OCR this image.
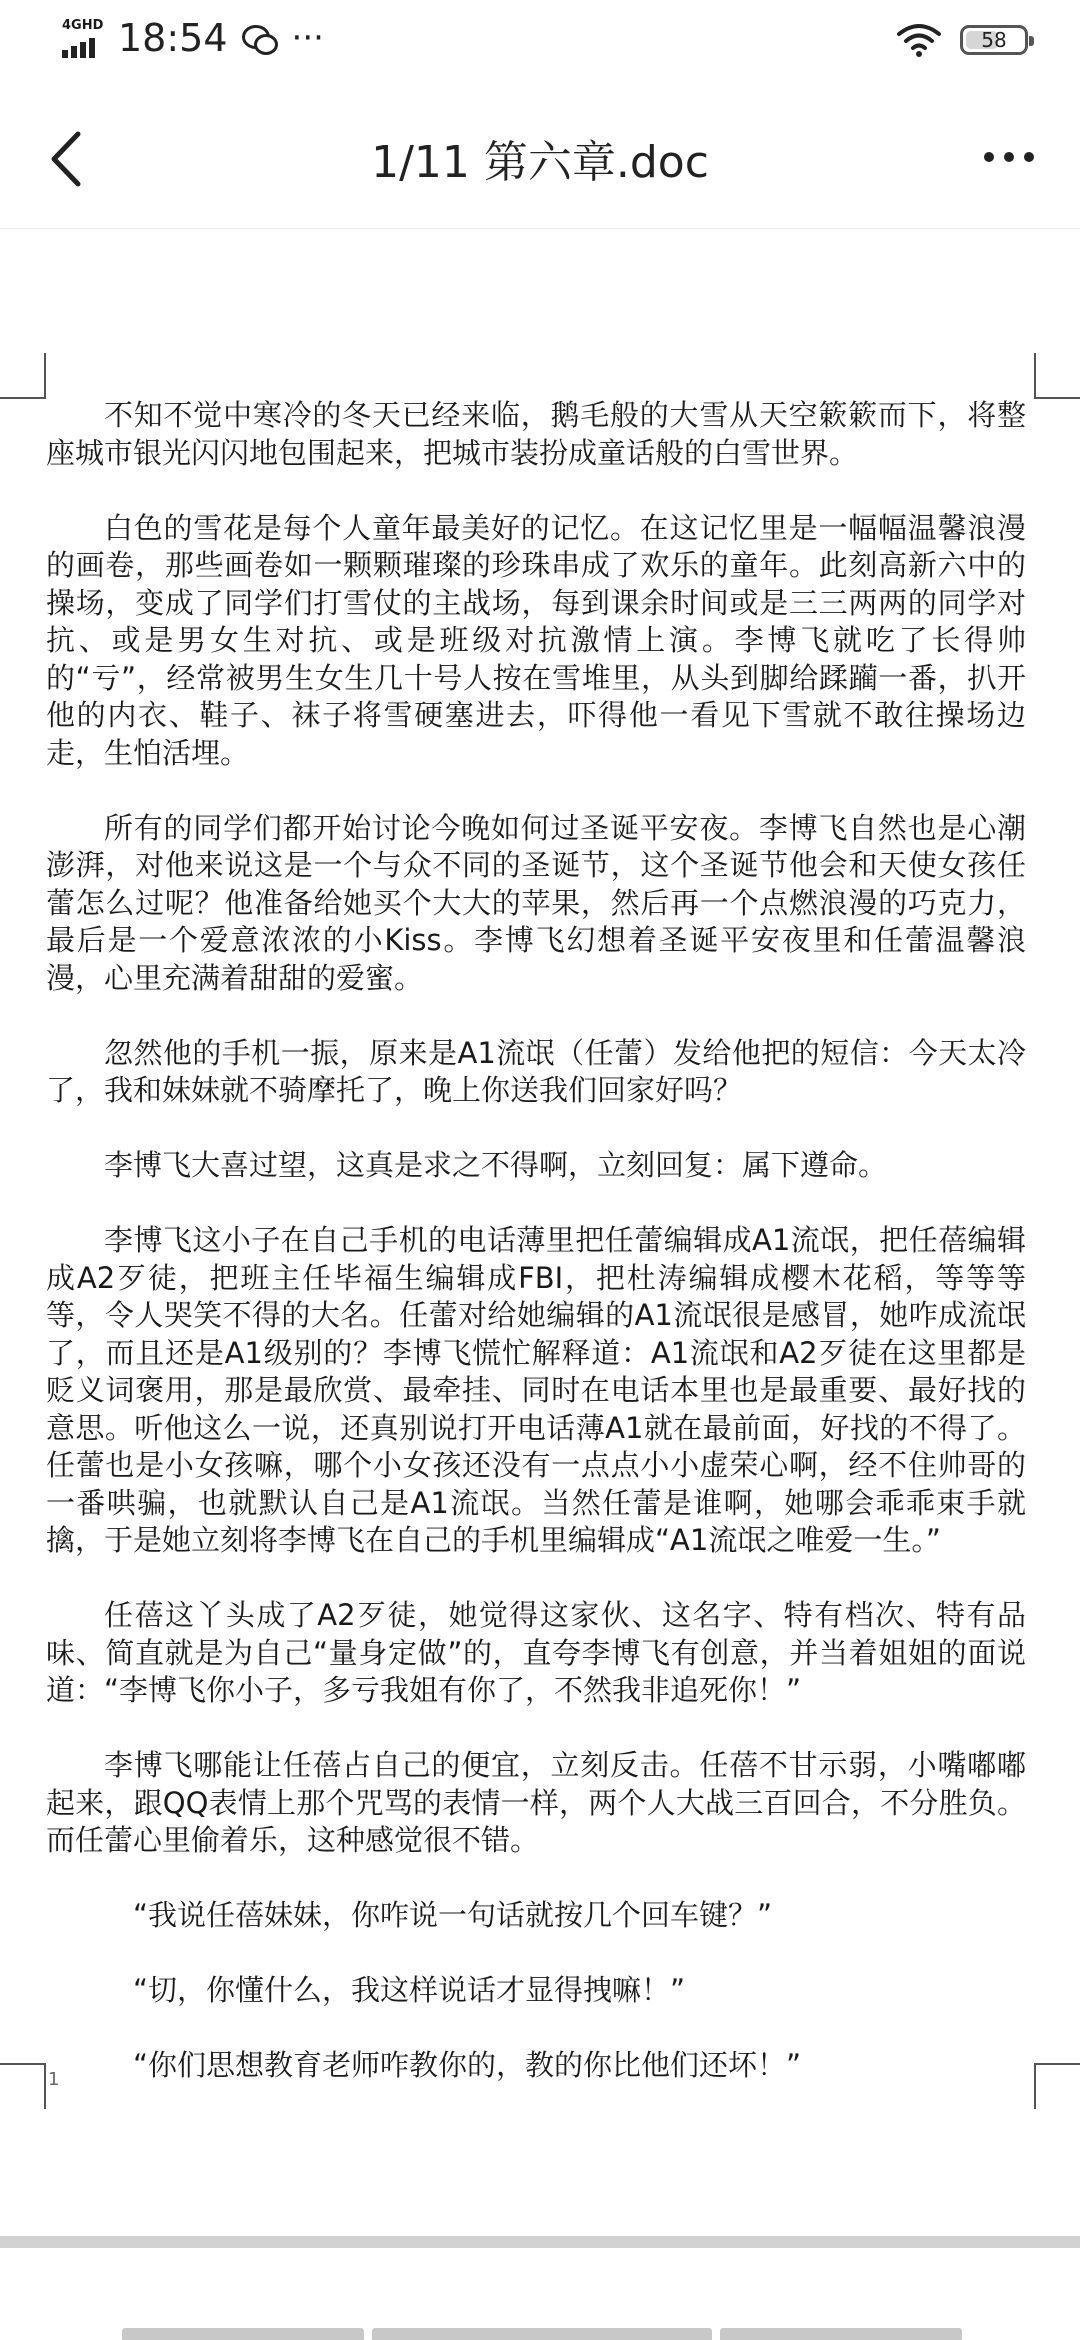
4GHD 18:54 ···	58
1/11 第六章.doc

不知不觉中寒冷的冬天已经来临，鹅毛般的大雪从天空簌簌而下，将整座城市银光闪闪地包围起来，把城市装扮成童话般的白雪世界。

白色的雪花是每个人童年最美好的记忆。在这记忆里是一幅幅温馨浪漫的画卷，那些画卷如一颗颗璀璨的珍珠串成了欢乐的童年。此刻高新六中的操场，变成了同学们打雪仗的主战场，每到课余时间或是三三两两的同学对抗、或是男女生对抗、或是班级对抗激情上演。李博飞就吃了长得帅的“亏”，经常被男生女生几十号人按在雪堆里，从头到脚给蹂躏一番，扒开他的内衣、鞋子、袜子将雪硬塞进去，吓得他一看见下雪就不敢往操场边走，生怕活埋。

所有的同学们都开始讨论今晚如何过圣诞平安夜。李博飞自然也是心潮澎湃，对他来说这是一个与众不同的圣诞节，这个圣诞节他会和天使女孩任蕾怎么过呢？他准备给她买个大大的苹果，然后再一个点燃浪漫的巧克力，最后是一个爱意浓浓的小Kiss。李博飞幻想着圣诞平安夜里和任蕾温馨浪漫，心里充满着甜甜的爱蜜。

忽然他的手机一振，原来是A1流氓（任蕾）发给他把的短信：今天太冷了，我和妹妹就不骑摩托了，晚上你送我们回家好吗？

李博飞大喜过望，这真是求之不得啊，立刻回复：属下遵命。

李博飞这小子在自己手机的电话薄里把任蕾编辑成A1流氓，把任蓓编辑成A2歹徒，把班主任毕福生编辑成FBI，把杜涛编辑成樱木花稻，等等等等，令人哭笑不得的大名。任蕾对给她编辑的A1流氓很是感冒，她咋成流氓了，而且还是A1级别的？李博飞慌忙解释道：A1流氓和A2歹徒在这里都是贬义词褒用，那是最欣赏、最牵挂、同时在电话本里也是最重要、最好找的意思。听他这么一说，还真别说打开电话薄A1就在最前面，好找的不得了。任蕾也是小女孩嘛，哪个小女孩还没有一点点小小虚荣心啊，经不住帅哥的一番哄骗，也就默认自己是A1流氓。当然任蕾是谁啊，她哪会乖乖束手就擒，于是她立刻将李博飞在自己的手机里编辑成“A1流氓之唯爱一生。”

任蓓这丫头成了A2歹徒，她觉得这家伙、这名字、特有档次、特有品味、简直就是为自己“量身定做”的，直夸李博飞有创意，并当着姐姐的面说道：“李博飞你小子，多亏我姐有你了，不然我非追死你！”

李博飞哪能让任蓓占自己的便宜，立刻反击。任蓓不甘示弱，小嘴嘟嘟起来，跟QQ表情上那个咒骂的表情一样，两个人大战三百回合，不分胜负。而任蕾心里偷着乐，这种感觉很不错。

“我说任蓓妹妹，你咋说一句话就按几个回车键？”

“切，你懂什么，我这样说话才显得拽嘛！”

“你们思想教育老师咋教你的，教的你比他们还坏！”

1
